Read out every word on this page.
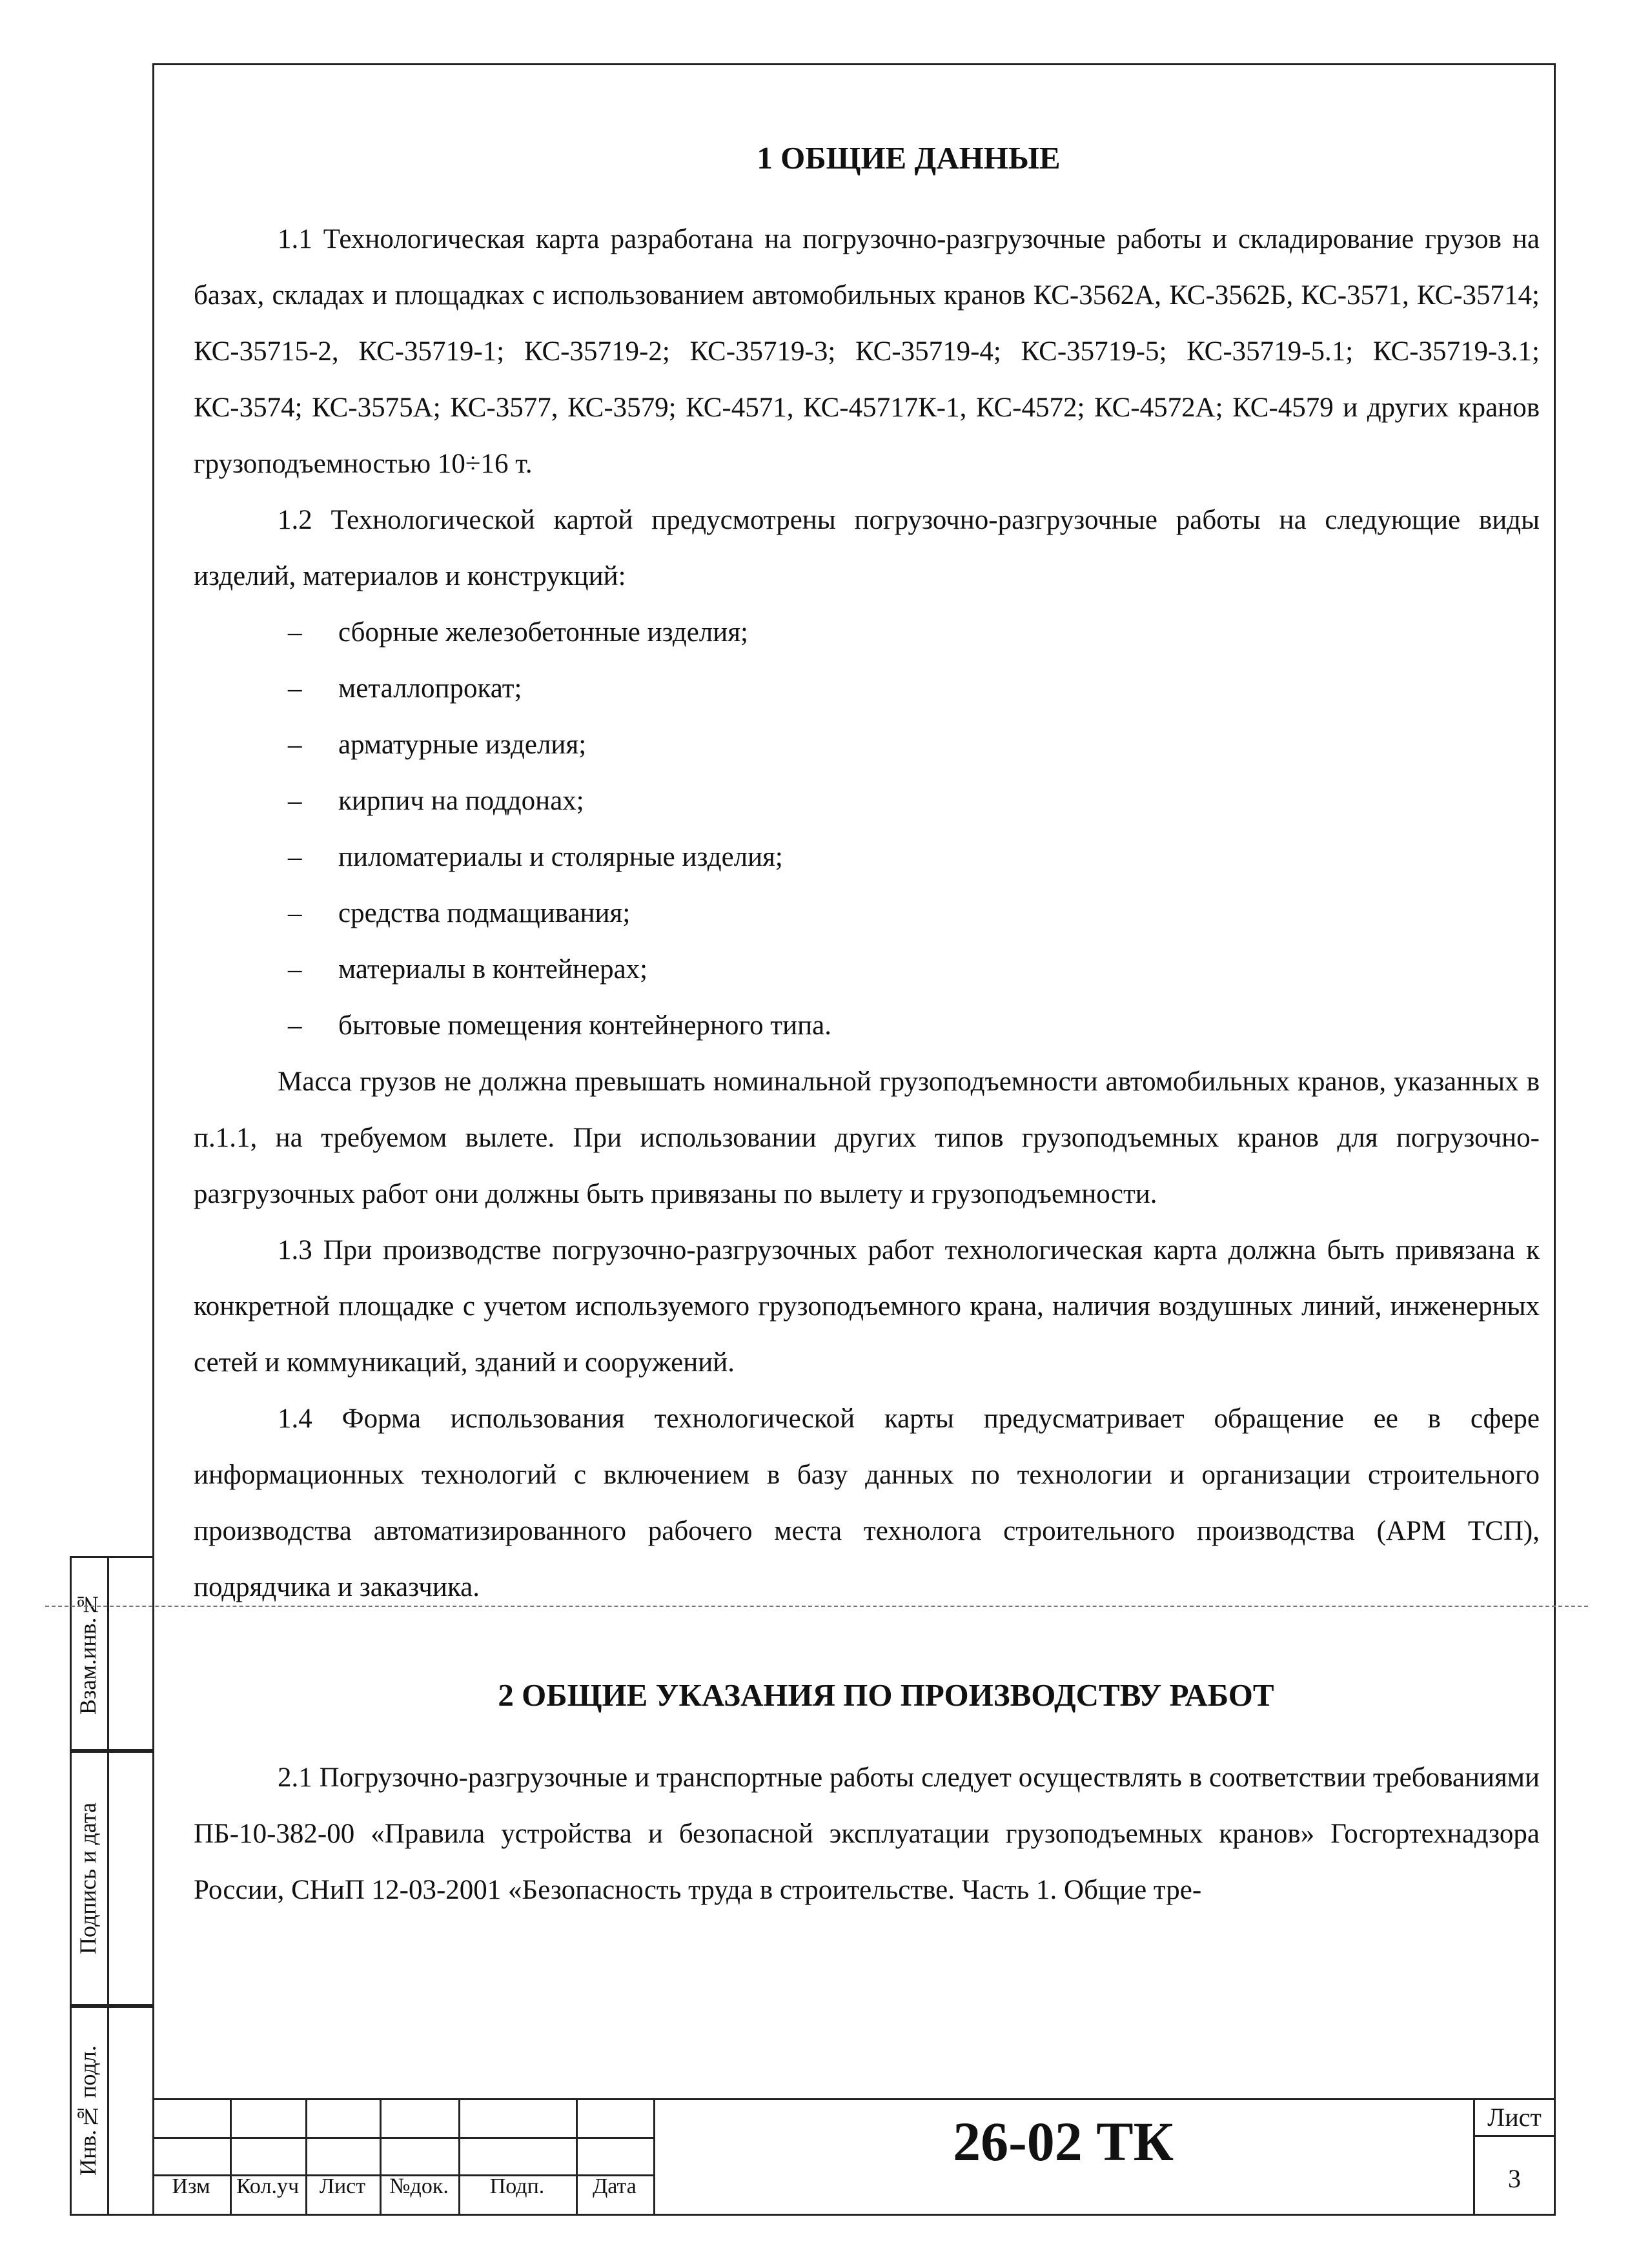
1 ОБЩИЕ ДАННЫЕ

1.1 Технологическая карта разработана на погрузочно-разгрузочные работы и складирование грузов на базах, складах и площадках с использованием автомобильных кранов КС-3562А, КС-3562Б, КС-3571, КС-35714; КС-35715-2, КС-35719-1; КС-35719-2; КС-35719-3; КС-35719-4; КС-35719-5; КС-35719-5.1; КС-35719-3.1; КС-3574; КС-3575А; КС-3577, КС-3579; КС-4571, КС-45717К-1, КС-4572; КС-4572А; КС-4579 и других кранов грузоподъемностью 10÷16 т.

1.2 Технологической картой предусмотрены погрузочно-разгрузочные работы на следующие виды изделий, материалов и конструкций:

– сборные железобетонные изделия;
– металлопрокат;
– арматурные изделия;
– кирпич на поддонах;
– пиломатериалы и столярные изделия;
– средства подмащивания;
– материалы в контейнерах;
– бытовые помещения контейнерного типа.

Масса грузов не должна превышать номинальной грузоподъемности автомобильных кранов, указанных в п.1.1, на требуемом вылете. При использовании других типов грузоподъемных кранов для погрузочно-разгрузочных работ они должны быть привязаны по вылету и грузоподъемности.

1.3 При производстве погрузочно-разгрузочных работ технологическая карта должна быть привязана к конкретной площадке с учетом используемого грузоподъемного крана, наличия воздушных линий, инженерных сетей и коммуникаций, зданий и сооружений.

1.4 Форма использования технологической карты предусматривает обращение ее в сфере информационных технологий с включением в базу данных по технологии и организации строительного производства автоматизированного рабочего места технолога строительного производства (АРМ ТСП), подрядчика и заказчика.

2 ОБЩИЕ УКАЗАНИЯ ПО ПРОИЗВОДСТВУ РАБОТ

2.1 Погрузочно-разгрузочные и транспортные работы следует осуществлять в соответствии требованиями ПБ-10-382-00 «Правила устройства и безопасной эксплуатации грузоподъемных кранов» Госгортехнадзора России, СНиП 12-03-2001 «Безопасность труда в строительстве. Часть 1. Общие тре-

Взам.инв.№
Подпись и дата
Инв.№ подл.
Изм	Кол.уч Лист	№док.	Подп.	Дата
26-02 ТК	Лист
3
